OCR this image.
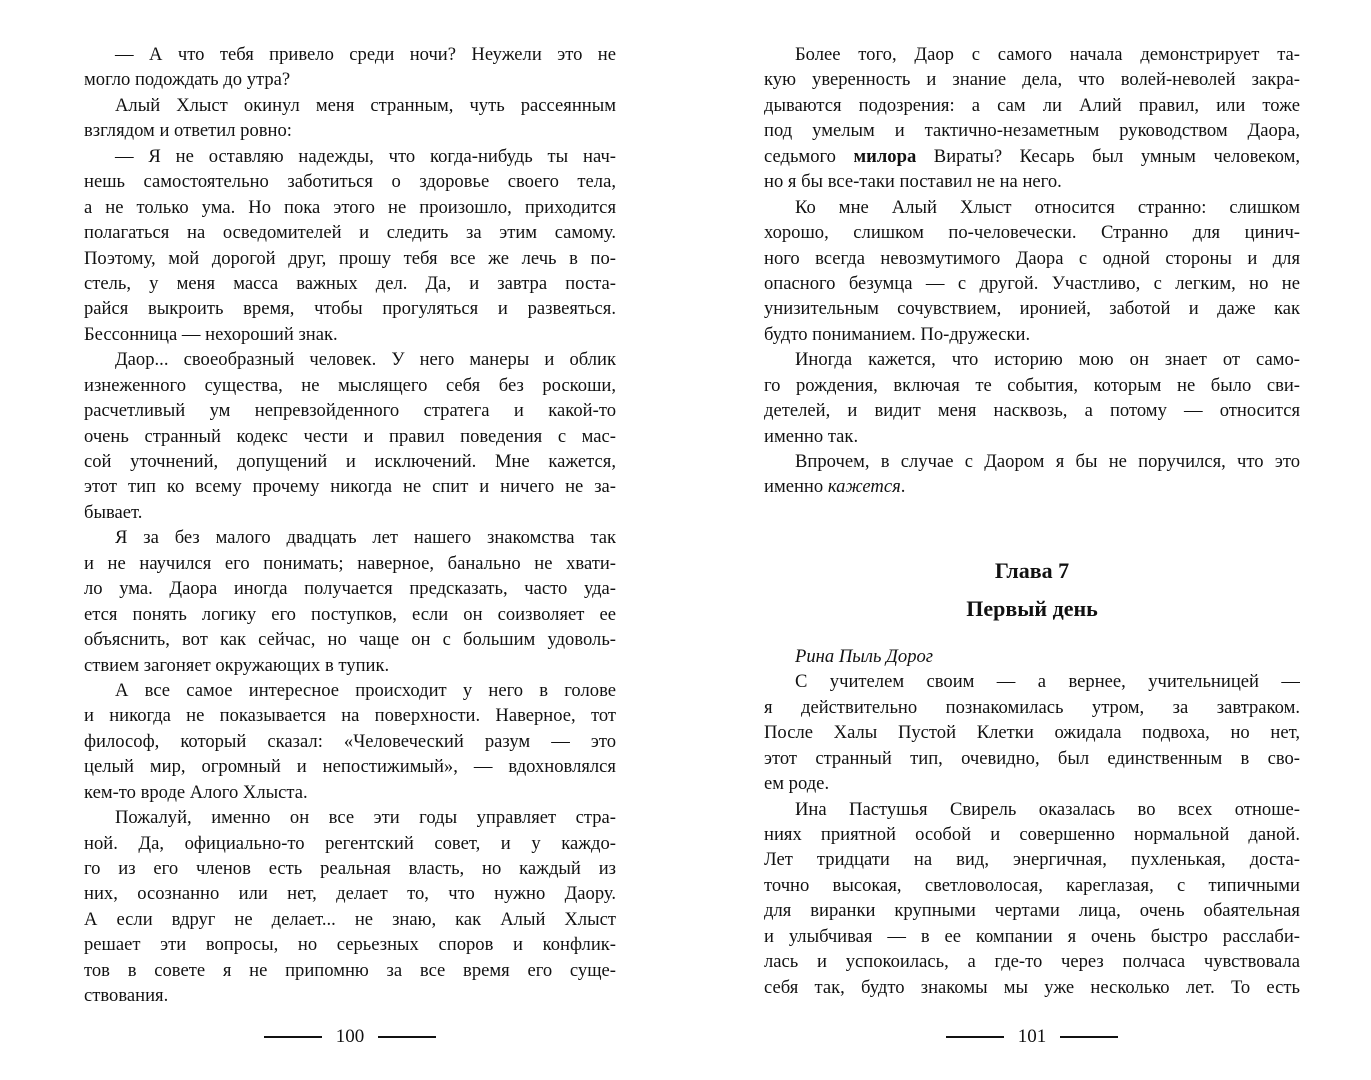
— А что тебя привело среди ночи? Неужели это не
могло подождать до утра?
Алый Хлыст окинул меня странным, чуть рассеянным
взглядом и ответил ровно:
— Я не оставляю надежды, что когда-нибудь ты нач-
нешь самостоятельно заботиться о здоровье своего тела,
а не только ума. Но пока этого не произошло, приходится
полагаться на осведомителей и следить за этим самому.
Поэтому, мой дорогой друг, прошу тебя все же лечь в по-
стель, у меня масса важных дел. Да, и завтра поста-
райся выкроить время, чтобы прогуляться и развеяться.
Бессонница — нехороший знак.
Даор... своеобразный человек. У него манеры и облик
изнеженного существа, не мыслящего себя без роскоши,
расчетливый ум непревзойденного стратега и какой-то
очень странный кодекс чести и правил поведения с мас-
сой уточнений, допущений и исключений. Мне кажется,
этот тип ко всему прочему никогда не спит и ничего не за-
бывает.
Я за без малого двадцать лет нашего знакомства так
и не научился его понимать; наверное, банально не хвати-
ло ума. Даора иногда получается предсказать, часто уда-
ется понять логику его поступков, если он соизволяет ее
объяснить, вот как сейчас, но чаще он с большим удоволь-
ствием загоняет окружающих в тупик.
А все самое интересное происходит у него в голове
и никогда не показывается на поверхности. Наверное, тот
философ, который сказал: «Человеческий разум — это
целый мир, огромный и непостижимый», — вдохновлялся
кем-то вроде Алого Хлыста.
Пожалуй, именно он все эти годы управляет стра-
ной. Да, официально-то регентский совет, и у каждо-
го из его членов есть реальная власть, но каждый из
них, осознанно или нет, делает то, что нужно Даору.
А если вдруг не делает... не знаю, как Алый Хлыст
решает эти вопросы, но серьезных споров и конфлик-
тов в совете я не припомню за все время его суще-
ствования.
Более того, Даор с самого начала демонстрирует та-
кую уверенность и знание дела, что волей-неволей закра-
дываются подозрения: а сам ли Алий правил, или тоже
под умелым и тактично-незаметным руководством Даора,
седьмого милора Вираты? Кесарь был умным человеком,
но я бы все-таки поставил не на него.
Ко мне Алый Хлыст относится странно: слишком
хорошо, слишком по-человечески. Странно для цинич-
ного всегда невозмутимого Даора с одной стороны и для
опасного безумца — с другой. Участливо, с легким, но не
унизительным сочувствием, иронией, заботой и даже как
будто пониманием. По-дружески.
Иногда кажется, что историю мою он знает от само-
го рождения, включая те события, которым не было сви-
детелей, и видит меня насквозь, а потому — относится
именно так.
Впрочем, в случае с Даором я бы не поручился, что это
именно кажется.
Глава 7
Первый день
Рина Пыль Дорог
С учителем своим — а вернее, учительницей —
я действительно познакомилась утром, за завтраком.
После Халы Пустой Клетки ожидала подвоха, но нет,
этот странный тип, очевидно, был единственным в сво-
ем роде.
Ина Пастушья Свирель оказалась во всех отноше-
ниях приятной особой и совершенно нормальной даной.
Лет тридцати на вид, энергичная, пухленькая, доста-
точно высокая, светловолосая, кареглазая, с типичными
для виранки крупными чертами лица, очень обаятельная
и улыбчивая — в ее компании я очень быстро расслаби-
лась и успокоилась, а где-то через полчаса чувствовала
себя так, будто знакомы мы уже несколько лет. То есть
100	101
